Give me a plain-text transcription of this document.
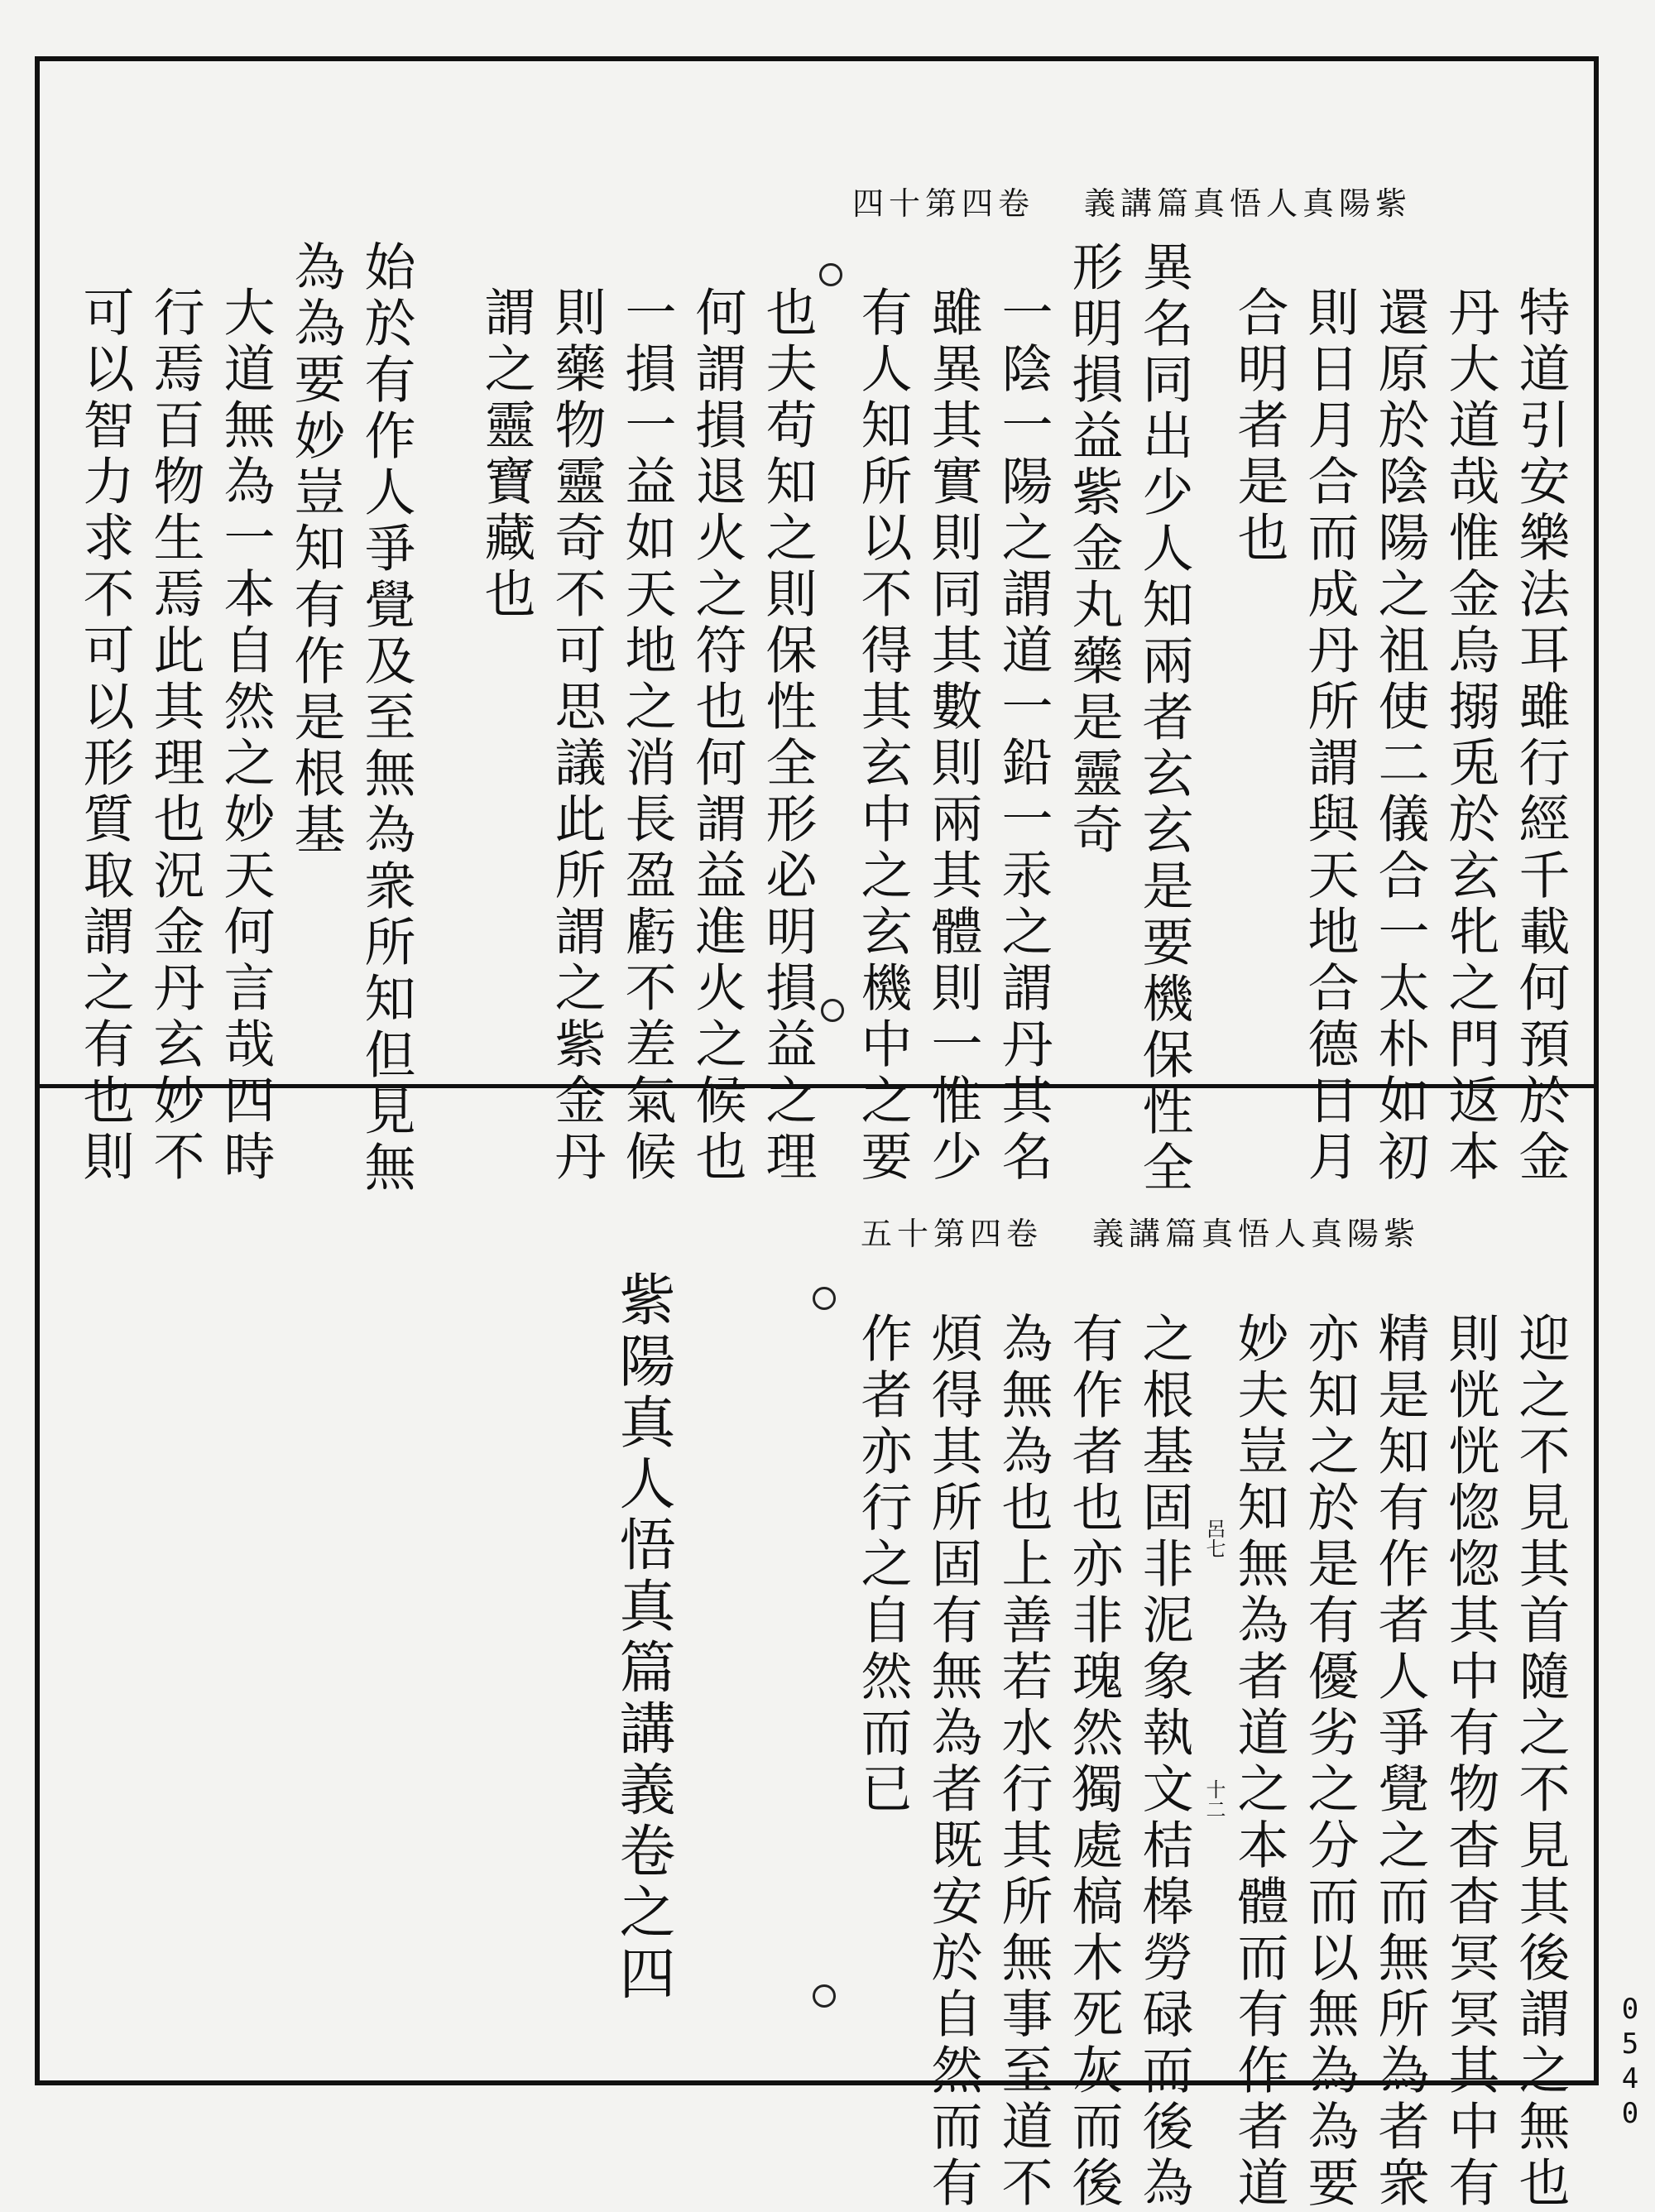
紫陽真人悟真篇講義卷四第十四
特道引安樂法耳雖行經千載何預於金
丹大道哉惟金烏搦兎於玄牝之門返本
還原於陰陽之祖使二儀合一太朴如初
則日月合而成丹所謂與天地合德日月
合明者是也
異名同出少人知兩者玄玄是要機保性全
形明損益紫金丸藥是靈奇
一陰一陽之謂道一鉛一汞之謂丹其名
雖異其實則同其數則兩其體則一惟少
有人知所以不得其玄中之玄機中之要
也夫苟知之則保性全形必明損益之理
何謂損退火之符也何謂益進火之候也
一損一益如天地之消長盈虧不差氣候
則藥物靈奇不可思議此所謂之紫金丹
謂之靈寶藏也
始於有作人爭覺及至無為衆所知但見無
為為要妙豈知有作是根基
大道無為一本自然之妙天何言哉四時
行焉百物生焉此其理也況金丹玄妙不
可以智力求不可以形質取謂之有也則
紫陽真人悟真篇講義卷四第十五
迎之不見其首隨之不見其後謂之無也
則恍恍惚惚其中有物杳杳冥冥其中有
精是知有作者人爭覺之而無所為者衆
亦知之於是有優劣之分而以無為為要
妙夫豈知無為者道之本體而有作者道
之根基固非泥象執文桔槔勞碌而後為
有作者也亦非瑰然獨處槁木死灰而後
為無為也上善若水行其所無事至道不
煩得其所固有無為者既安於自然而有
作者亦行之自然而已
紫陽真人悟真篇講義卷之四	呂七
十二
0540
